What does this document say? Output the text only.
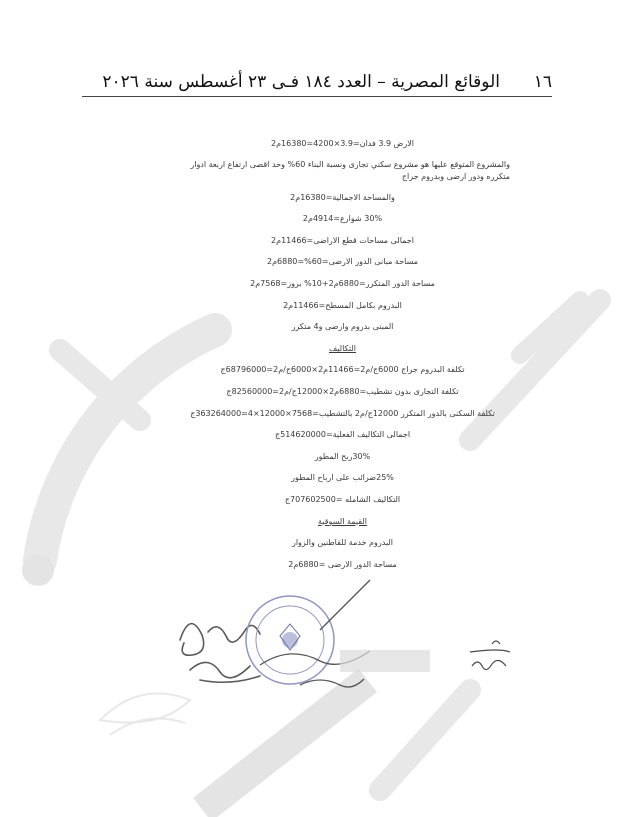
١٦
الوقائع المصرية – العدد ١٨٤ فـى ٢٣ أغسطس سنة ٢٠٢٦
الارض 3.9 فدان=3.9×4200=16380م2
والمشروع المتوقع عليها هو مشروع سكني تجارى ونسبة البناء 60% وحد اقصى ارتفاع اربعة ادوار متكرره ودور ارضى وبدروم جراج
والمساحة الاجمالية=16380م2
30% شوارع=4914م2
اجمالى مساحات قطع الاراضى=11466م2
مساحة مبانى الدور الارضى=60%=6880م2
مساحة الدور المتكرر=6880م2+10% بروز=7568م2
البدروم بكامل المسطح=11466م2
المبنى بدروم وارضى و4 متكرر
التكاليف
تكلفة البدروم جراج 6000ج/م2=11466م2×6000ج/م2=68796000ج
تكلفة التجارى بدون تشطيب=6880م2×12000ج/م2=82560000ج
تكلفة السكنى بالدور المتكرر 12000ج/م2 بالتشطيب=7568×12000×4=363264000ج
اجمالى التكاليف الفعلية=514620000ج
30%ربح المطور
25%ضرائب على ارباح المطور
التكاليف الشامله =707602500ج
القيمة السوقية
البدروم خدمة للقاطنين والزوار
مساحة الدور الارضى =6880م2
